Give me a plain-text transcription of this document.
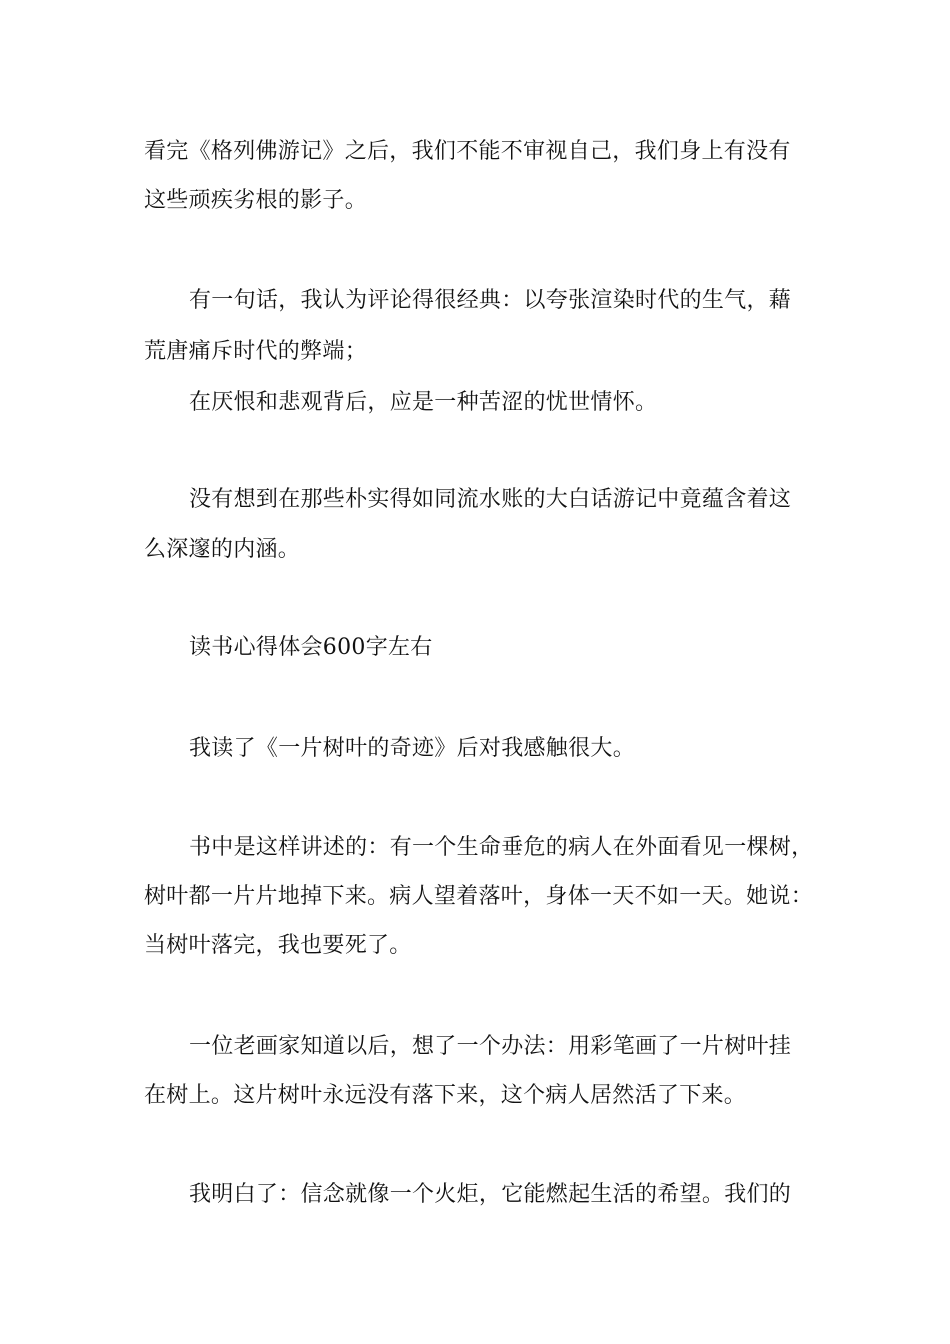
看完《格列佛游记》之后，我们不能不审视自己，我们身上有没有
这些顽疾劣根的影子。
有一句话，我认为评论得很经典：以夸张渲染时代的生气，藉
荒唐痛斥时代的弊端；
在厌恨和悲观背后，应是一种苦涩的忧世情怀。
没有想到在那些朴实得如同流水账的大白话游记中竟蕴含着这
么深邃的内涵。
读书心得体会600字左右
我读了《一片树叶的奇迹》后对我感触很大。
书中是这样讲述的：有一个生命垂危的病人在外面看见一棵树，
树叶都一片片地掉下来。病人望着落叶，身体一天不如一天。她说：
当树叶落完，我也要死了。
一位老画家知道以后，想了一个办法：用彩笔画了一片树叶挂
在树上。这片树叶永远没有落下来，这个病人居然活了下来。
我明白了：信念就像一个火炬，它能燃起生活的希望。我们的
